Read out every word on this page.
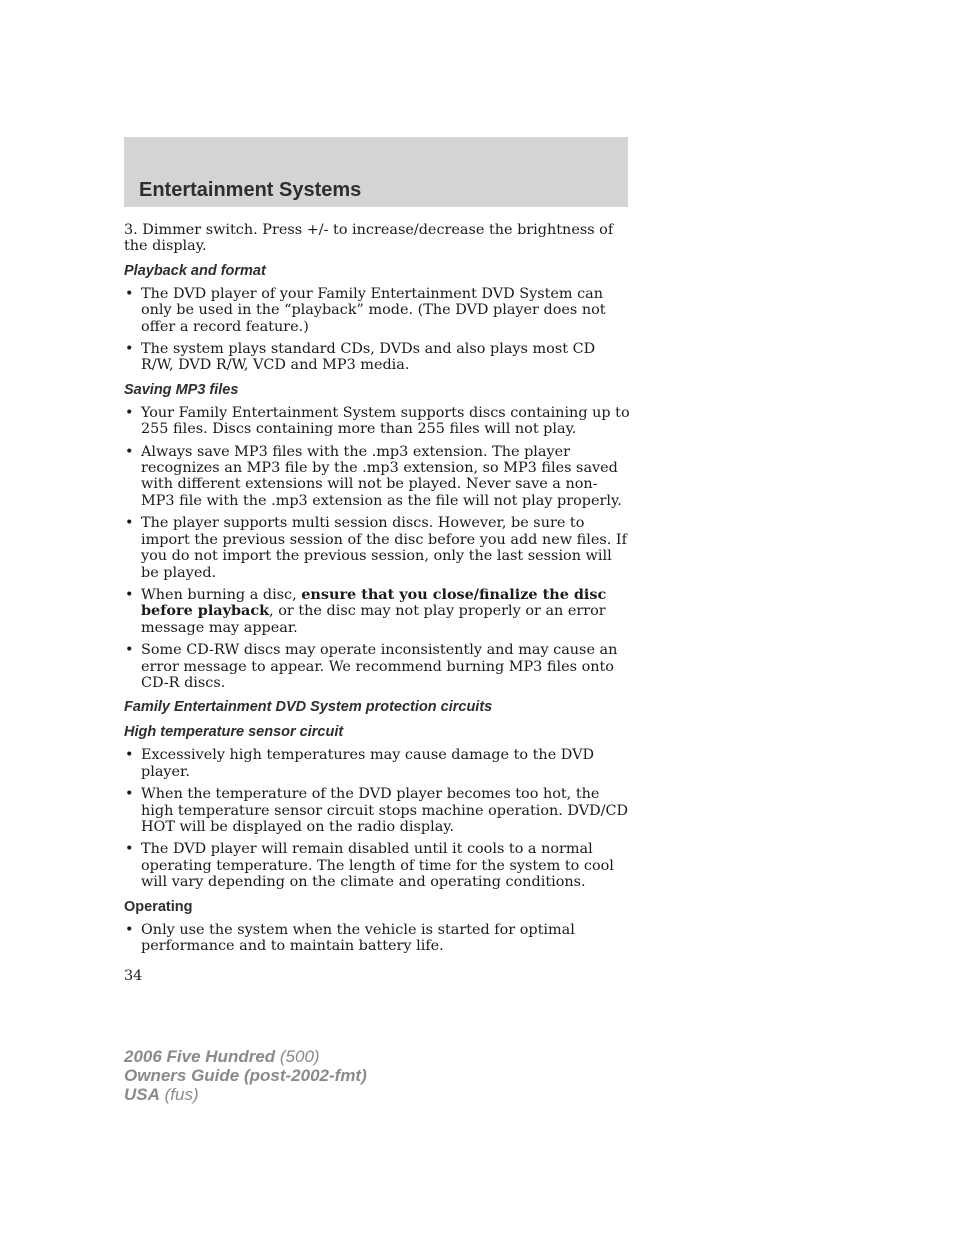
Entertainment Systems

3. Dimmer switch. Press +/- to increase/decrease the brightness of the display.

Playback and format
• The DVD player of your Family Entertainment DVD System can only be used in the “playback” mode. (The DVD player does not offer a record feature.)
• The system plays standard CDs, DVDs and also plays most CD R/W, DVD R/W, VCD and MP3 media.
Saving MP3 files
• Your Family Entertainment System supports discs containing up to 255 files. Discs containing more than 255 files will not play.
• Always save MP3 files with the .mp3 extension. The player recognizes an MP3 file by the .mp3 extension, so MP3 files saved with different extensions will not be played. Never save a non-MP3 file with the .mp3 extension as the file will not play properly.
• The player supports multi session discs. However, be sure to import the previous session of the disc before you add new files. If you do not import the previous session, only the last session will be played.
• When burning a disc, ensure that you close/finalize the disc before playback, or the disc may not play properly or an error message may appear.
• Some CD-RW discs may operate inconsistently and may cause an error message to appear. We recommend burning MP3 files onto CD-R discs.
Family Entertainment DVD System protection circuits
High temperature sensor circuit
• Excessively high temperatures may cause damage to the DVD player.
• When the temperature of the DVD player becomes too hot, the high temperature sensor circuit stops machine operation. DVD/CD HOT will be displayed on the radio display.
• The DVD player will remain disabled until it cools to a normal operating temperature. The length of time for the system to cool will vary depending on the climate and operating conditions.
Operating
• Only use the system when the vehicle is started for optimal performance and to maintain battery life.

34

2006 Five Hundred (500)
Owners Guide (post-2002-fmt)
USA (fus)
